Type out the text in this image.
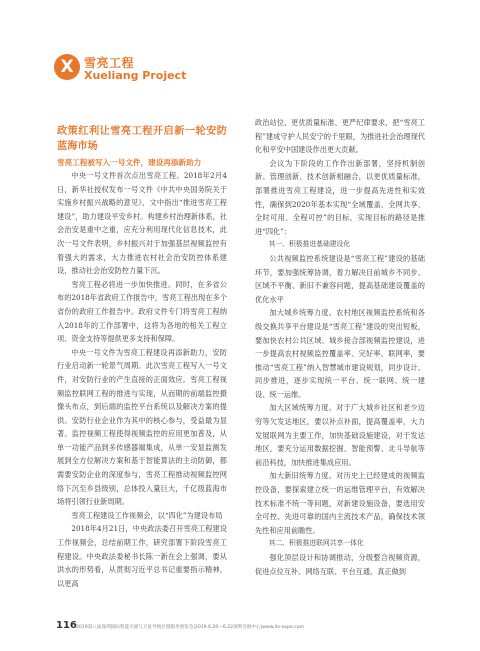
X 雪亮工程
Xueliang Project
政策红利让雪亮工程开启新一轮安防蓝海市场
雪亮工程被写入一号文件，建设再添新助力

中央一号文件首次点出雪亮工程。2018年2月4日，新华社授权发布一号文件《中共中央国务院关于实施乡村振兴战略的意见》，文中指出“推进雪亮工程建设”，助力建设平安乡村。构建乡村治理新体系，社会治安是重中之重，应充分利用现代化信息技术，此次一号文件表明，乡村振兴对于加强基层视频监控有着强大的需求，大力推进农村社会治安防控体系建设，推动社会治安防控力量下沉。

雪亮工程必将进一步加快推进。同时，在多省公布的2018年省政府工作报告中，雪亮工程出现在多个省份的政府工作报告中。政府文件专门将雪亮工程纳入2018年的工作部署中，这将为各地的相关工程立项、资金支持等提供更多支持和保障。

中央一号文件为雪亮工程建设再添新助力，安防行业启动新一轮景气周期。此次雪亮工程写入一号文件，对安防行业的产生直接的正面效应。雪亮工程视频监控联网工程的推进与实现，从而期的前端监控摄像头布点，到后端的监控平台系统以及解决方案的提供。安防行业企业作为其中的核心参与，受益最为显著。监控视频工程使得视频监控的应用更加普及，从单一功能产品到多传感器端集成，从单一安显监测发展到全方位解决方案和基于智能算法的主动防御，都需要安防企业的深度参与，雪亮工程推动视频监控网络下沉至乡县级别，总体投入量巨大，千亿级蓝海市场将引领行业新周期。

雪亮工程建设工作视频会，以“四化”为建设布局

2018年4月21日，中央政法委召开雪亮工程建设工作视频会，总结前期工作，研究部署下阶段雪亮工程建设。中央政法委秘书长陈一新在会上强调，要从洪水的形势看，从贯彻习近平总书记重要指示精神，以更高

政治站位、更优质量标准、更严纪律要求，把“雪亮工程”建成守护人民安宁的千里眼，为推进社会治理现代化和平安中国建设作出更大贡献。

会议为下阶段的工作作出新部署，坚持机制创新、管理创新、技术创新相融合，以更优质量标准，部署推进雪亮工程建设，进一步提高先进性和实效性，确保到2020年基本实现“全域覆盖、全网共享、全时可用、全程可控”的目标，实现目标的路径是推进“四化”：

其一、积极推进基础建设化

公共视频监控系统建设是“雪亮工程”建设的基础环节，要加强统筹协调，着力解决目前城乡不同步、区域不平衡、新旧不兼容问题，提高基础建设覆盖的优化水平

加大城乡统筹力度。农村地区视频监控系统和各级交换共享平台建设是“雪亮工程”建设的突出短板，要加快农村公共区域、城乡接合部视频监控建设，进一步提高农村视频监控覆盖率、完好率、联网率，要推动“雪亮工程”纳入智慧城市建设规划，同步设计、同步推进，逐步实现统一平台、统一联网、统一建设、统一运维。

加大区域统筹力度。对于广大城乡社区和老少边穷等欠发达地区，要以补点补面，提高覆盖率，大力发展联网为主要工作，加快基础设施建设，对于发达地区，要充分运用数据挖掘、智能预警、北斗导航等前沿科技，加快推进集成应用。

加大新旧统筹力度。对历史上已经建成的视频监控设备，要探索建立统一的运维管理平台，有效解决技术标准不统一等问题，对新建设施设备，要选用安全可控、先进可靠的国内主流技术产品，确保技术领先性和应用前瞻性。

其二、积极推进联网共享一体化

强化顶层设计和协调推动，分级整合视频资源，促进点位互补、网络互联、平台互通，真正做到

116 2019第八届深圳国际智能交通与卫星导航位置服务展览会|2019.6.20—6.22深圳会展中心|www.its-expo.com
